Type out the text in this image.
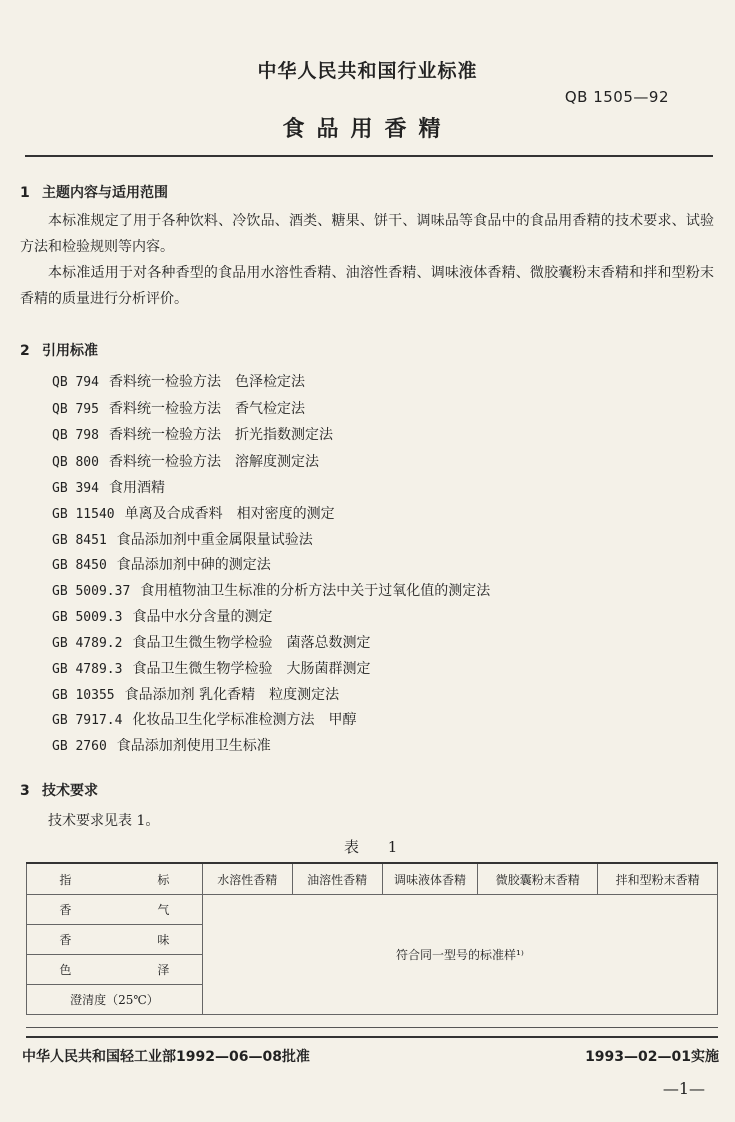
中华人民共和国行业标准
QB 1505—92
食品用香精
1 主题内容与适用范围

本标准规定了用于各种饮料、冷饮品、酒类、糖果、饼干、调味品等食品中的食品用香精的技术要求、试验方法和检验规则等内容。

本标准适用于对各种香型的食品用水溶性香精、油溶性香精、调味液体香精、微胶囊粉末香精和拌和型粉末香精的质量进行分析评价。

2 引用标准
QB 794 香料统一检验方法 色泽检定法
QB 795 香料统一检验方法 香气检定法
QB 798 香料统一检验方法 折光指数测定法
QB 800 香料统一检验方法 溶解度测定法
GB 394 食用酒精
GB 11540 单离及合成香料 相对密度的测定
GB 8451 食品添加剂中重金属限量试验法
GB 8450 食品添加剂中砷的测定法
GB 5009.37 食用植物油卫生标准的分析方法中关于过氧化值的测定法
GB 5009.3 食品中水分含量的测定
GB 4789.2 食品卫生微生物学检验 菌落总数测定
GB 4789.3 食品卫生微生物学检验 大肠菌群测定
GB 10355 食品添加剂 乳化香精 粒度测定法
GB 7917.4 化妆品卫生化学标准检测方法 甲醇
GB 2760 食品添加剂使用卫生标准
3 技术要求

技术要求见表 1。

表 1
指 标	水溶性香精	油溶性香精	调味液体香精	微胶囊粉末香精	拌和型粉末香精
香 气	符合同一型号的标准样¹⁾				
香 味					
色 泽					
澄清度（25℃）					
中华人民共和国轻工业部1992—06—08批准	1993—02—01实施
—1—
